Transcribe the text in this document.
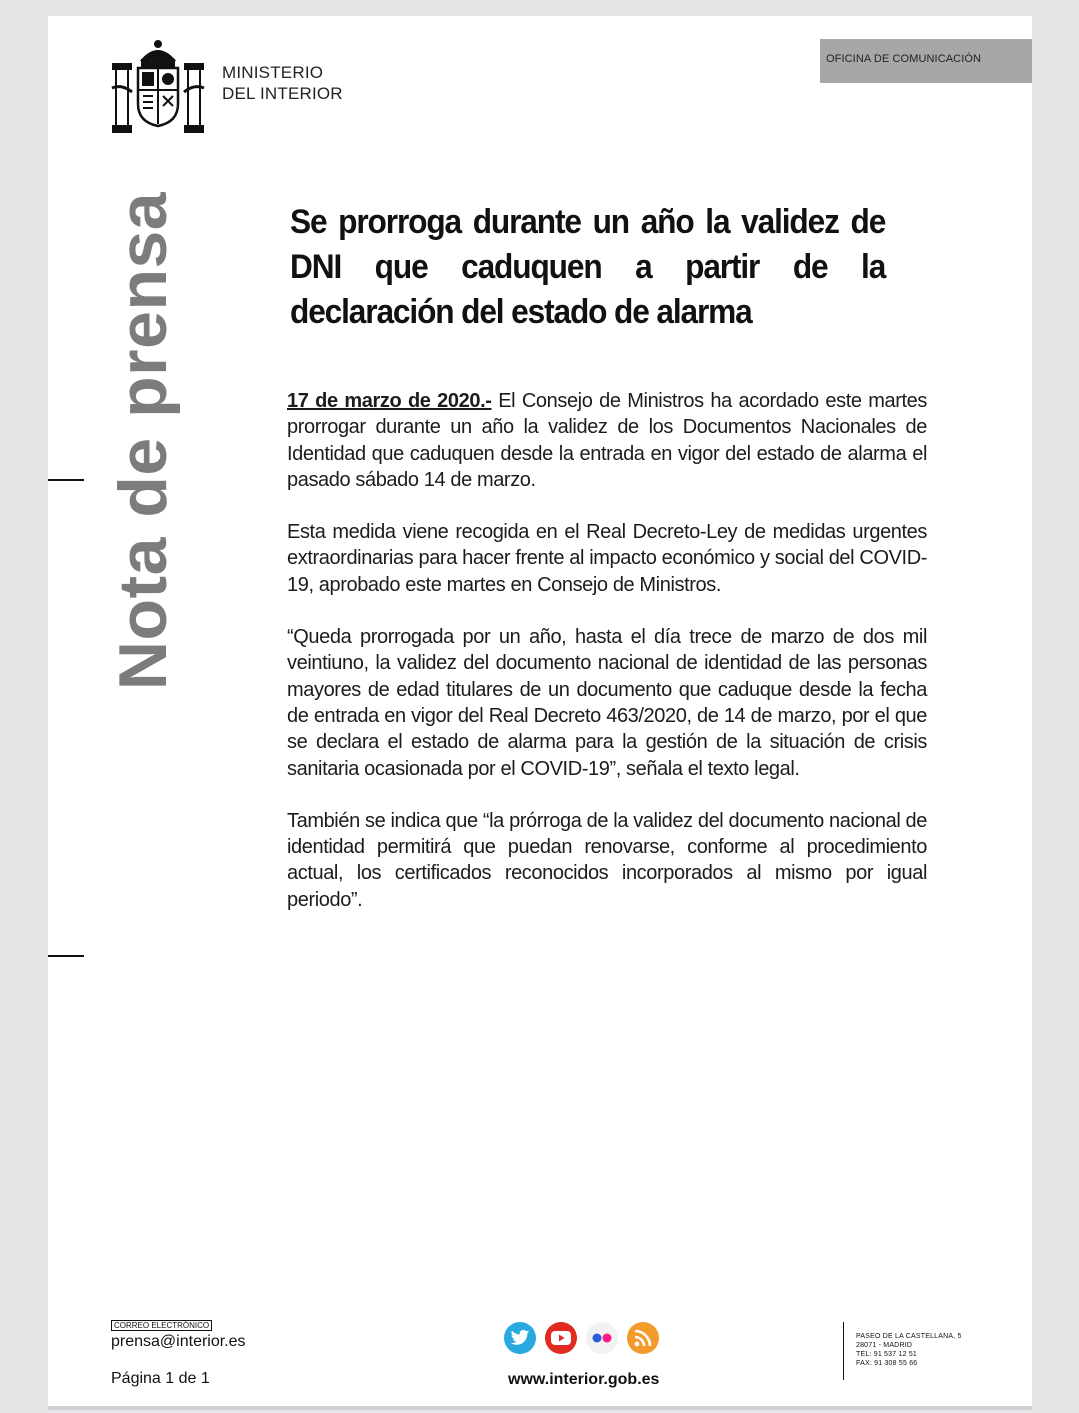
MINISTERIO
DEL INTERIOR
OFICINA DE COMUNICACIÓN
Nota de prensa	Se prorroga durante un año la validez de DNI que caduquen a partir de la declaración del estado de alarma

17 de marzo de 2020.- El Consejo de Ministros ha acordado este martes prorrogar durante un año la validez de los Documentos Nacionales de Identidad que caduquen desde la entrada en vigor del estado de alarma el pasado sábado 14 de marzo.

Esta medida viene recogida en el Real Decreto-Ley de medidas urgentes extraordinarias para hacer frente al impacto económico y social del COVID-19, aprobado este martes en Consejo de Ministros.

“Queda prorrogada por un año, hasta el día trece de marzo de dos mil veintiuno, la validez del documento nacional de identidad de las personas mayores de edad titulares de un documento que caduque desde la fecha de entrada en vigor del Real Decreto 463/2020, de 14 de marzo, por el que se declara el estado de alarma para la gestión de la situación de crisis sanitaria ocasionada por el COVID-19”, señala el texto legal.

También se indica que “la prórroga de la validez del documento nacional de identidad permitirá que puedan renovarse, conforme al procedimiento actual, los certificados reconocidos incorporados al mismo por igual periodo”.

CORREO ELECTRÓNICO
prensa@interior.es
Página 1 de 1	www.interior.gob.es
PASEO DE LA CASTELLANA, 5
28071 - MADRID
TEL: 91 537 12 51
FAX: 91 308 55 66
